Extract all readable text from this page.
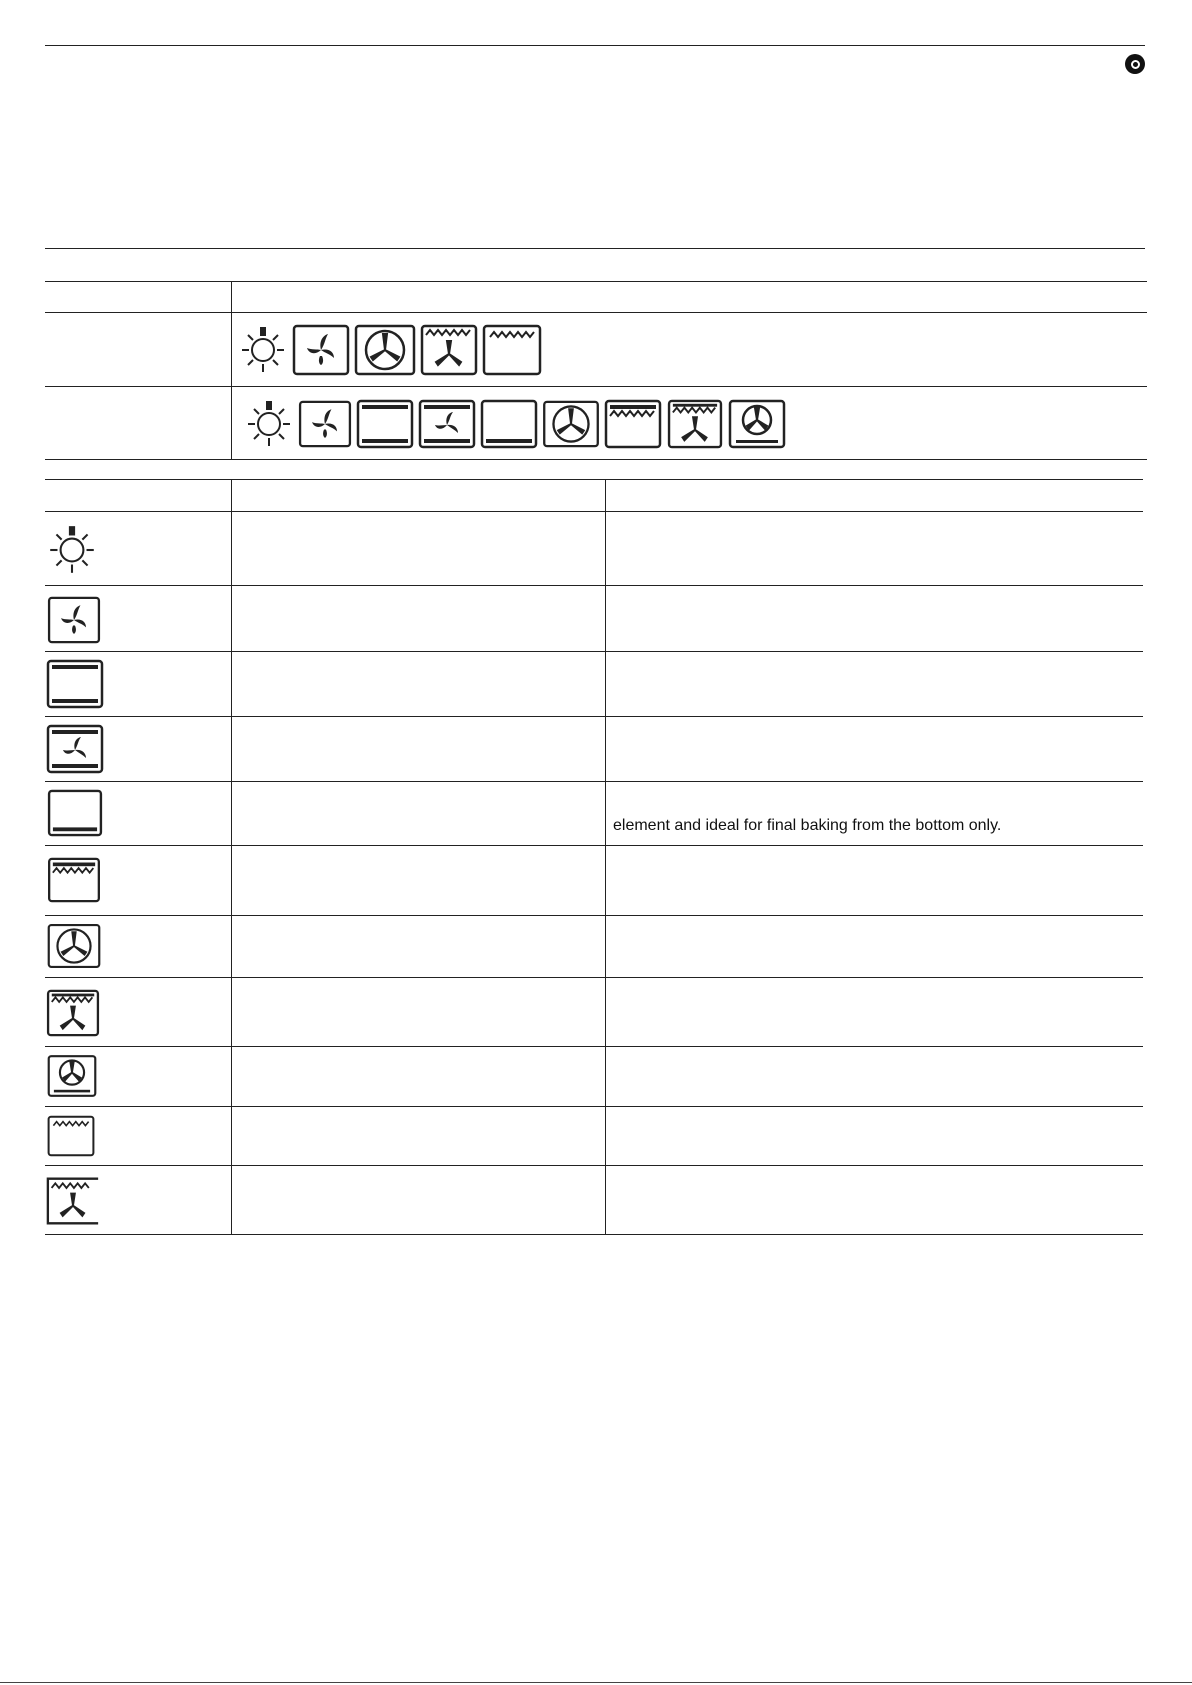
element and ideal for final baking from the bottom only.
